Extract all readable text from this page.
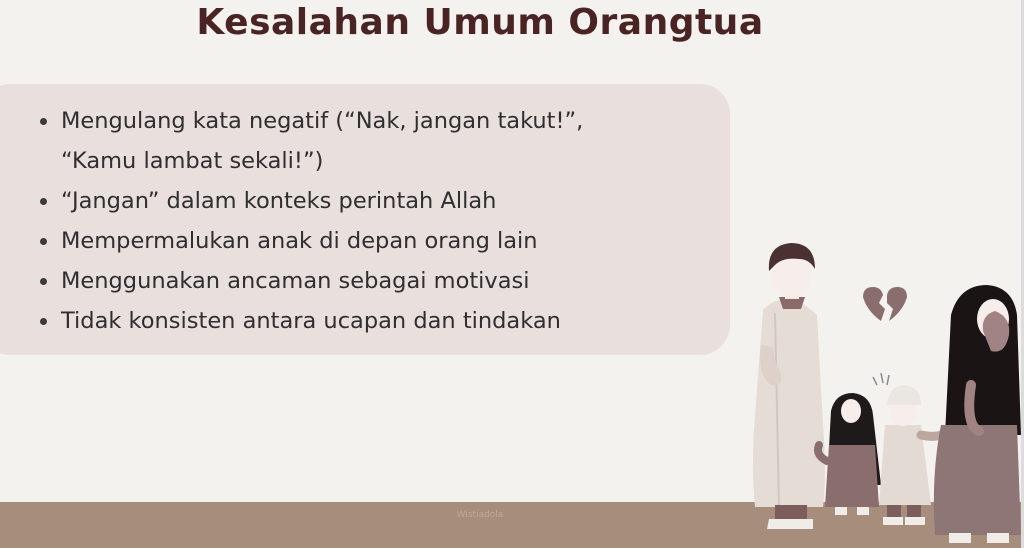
Kesalahan Umum Orangtua
Mengulang kata negatif (“Nak, jangan takut!”,
“Kamu lambat sekali!”)
“Jangan” dalam konteks perintah Allah
Mempermalukan anak di depan orang lain
Menggunakan ancaman sebagai motivasi
Tidak konsisten antara ucapan dan tindakan
Wistiadola
